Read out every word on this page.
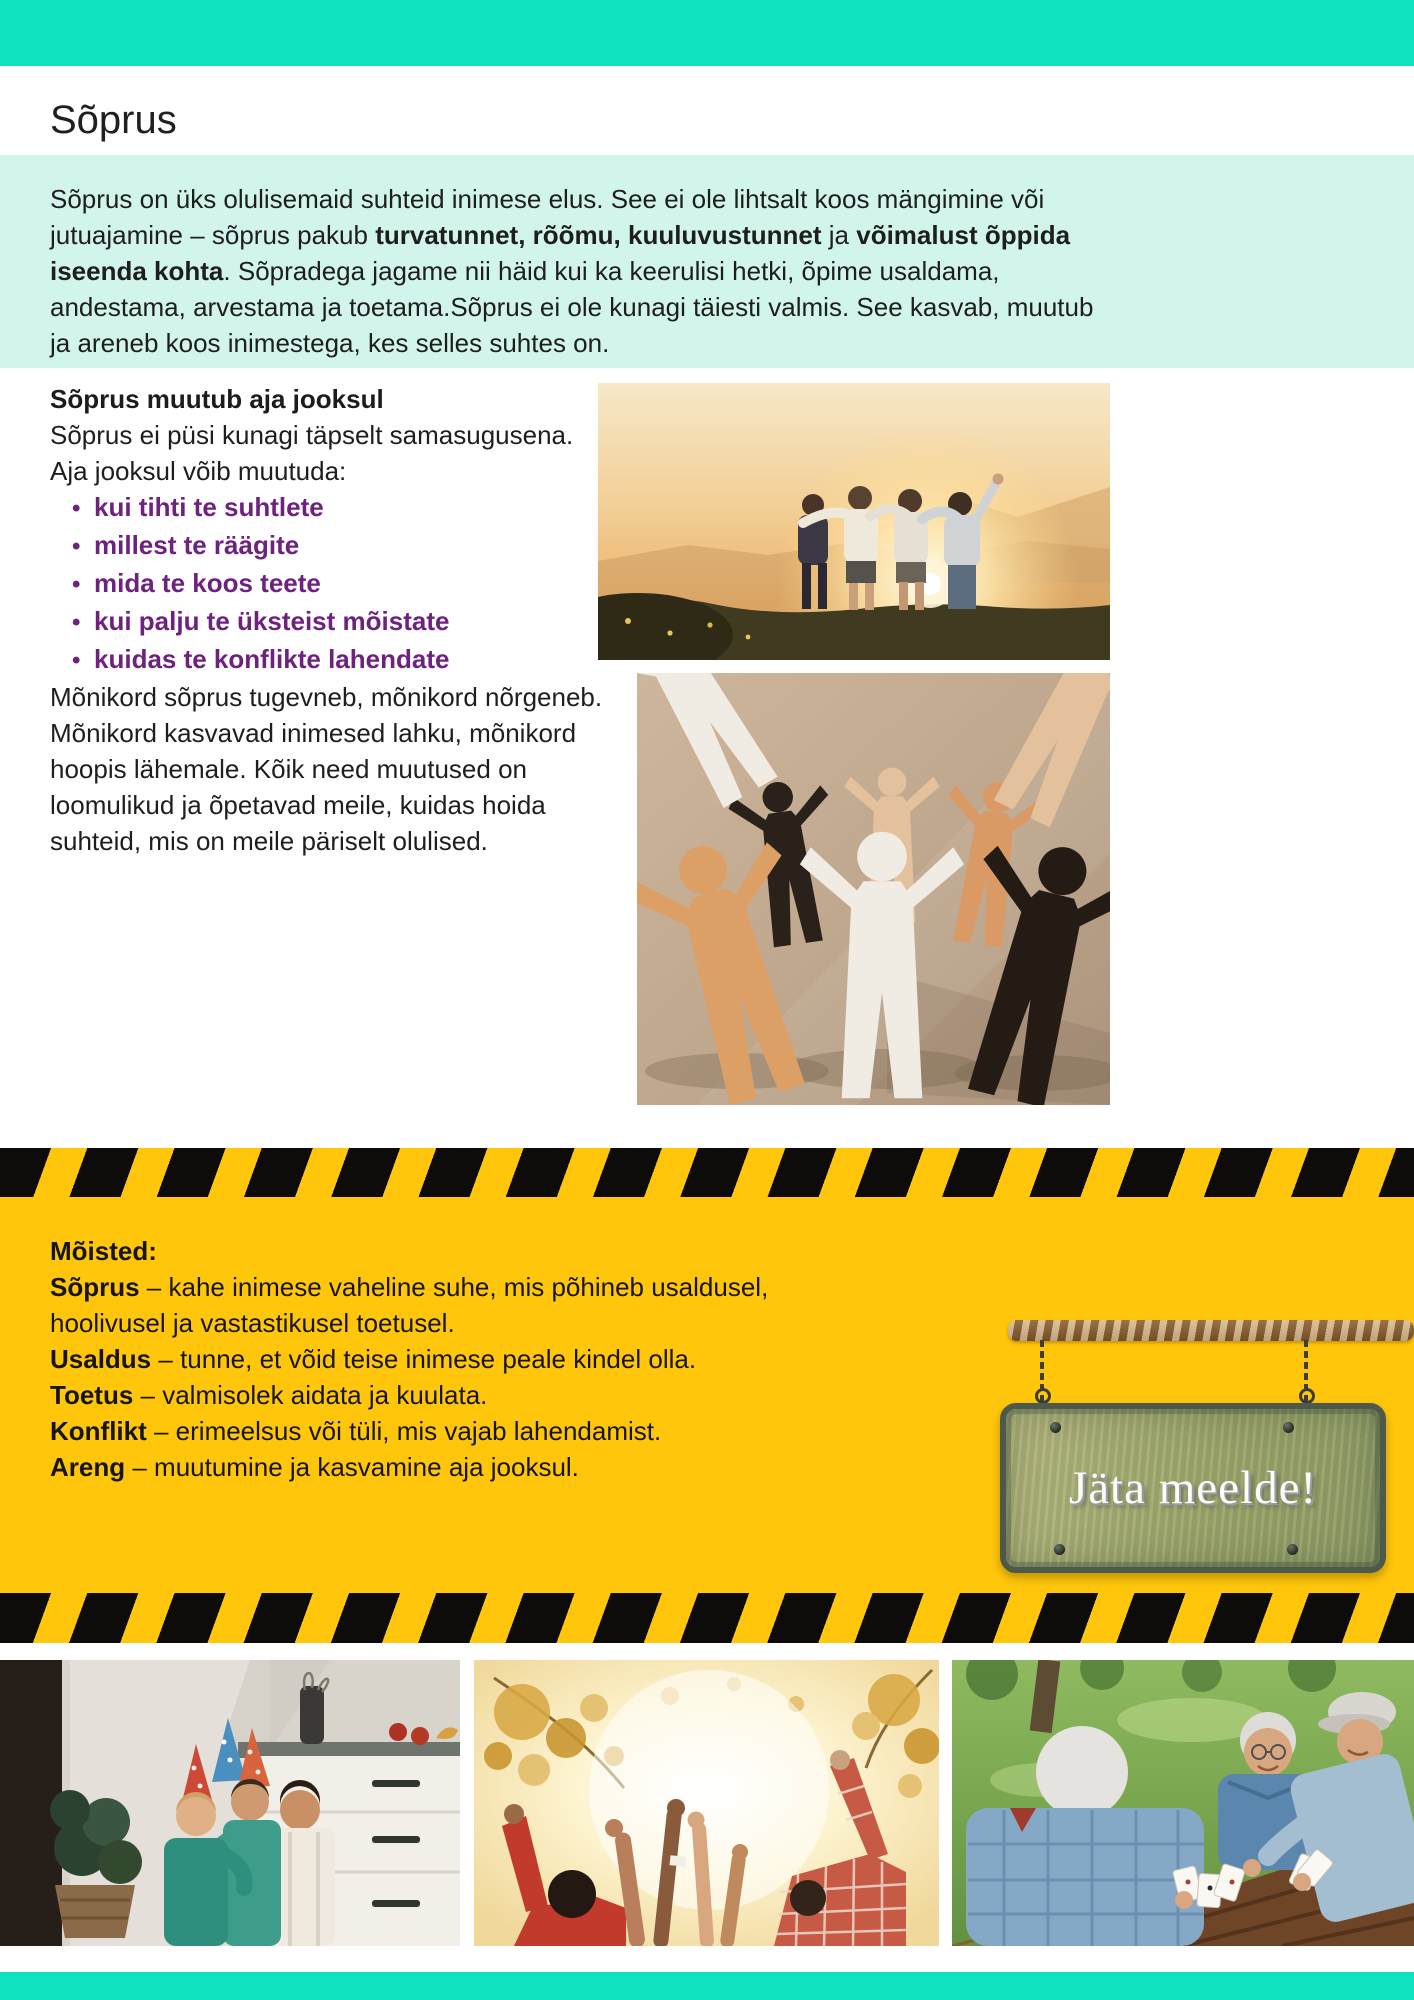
Sõprus

Sõprus on üks olulisemaid suhteid inimese elus. See ei ole lihtsalt koos mängimine või jutuajamine – sõprus pakub turvatunnet, rõõmu, kuuluvustunnet ja võimalust õppida iseenda kohta. Sõpradega jagame nii häid kui ka keerulisi hetki, õpime usaldama, andestama, arvestama ja toetama.Sõprus ei ole kunagi täiesti valmis. See kasvab, muutub ja areneb koos inimestega, kes selles suhtes on.

Sõprus muutub aja jooksul

Sõprus ei püsi kunagi täpselt samasugusena. Aja jooksul võib muutuda:

• kui tihti te suhtlete
• millest te räägite
• mida te koos teete
• kui palju te üksteist mõistate
• kuidas te konflikte lahendate

Mõnikord sõprus tugevneb, mõnikord nõrgeneb. Mõnikord kasvavad inimesed lahku, mõnikord hoopis lähemale. Kõik need muutused on loomulikud ja õpetavad meile, kuidas hoida suhteid, mis on meile päriselt olulised.

Mõisted:

Sõprus – kahe inimese vaheline suhe, mis põhineb usaldusel, hoolivusel ja vastastikusel toetusel.

Usaldus – tunne, et võid teise inimese peale kindel olla.

Toetus – valmisolek aidata ja kuulata.

Konflikt – erimeelsus või tüli, mis vajab lahendamist.

Areng – muutumine ja kasvamine aja jooksul.	Jäta meelde!
